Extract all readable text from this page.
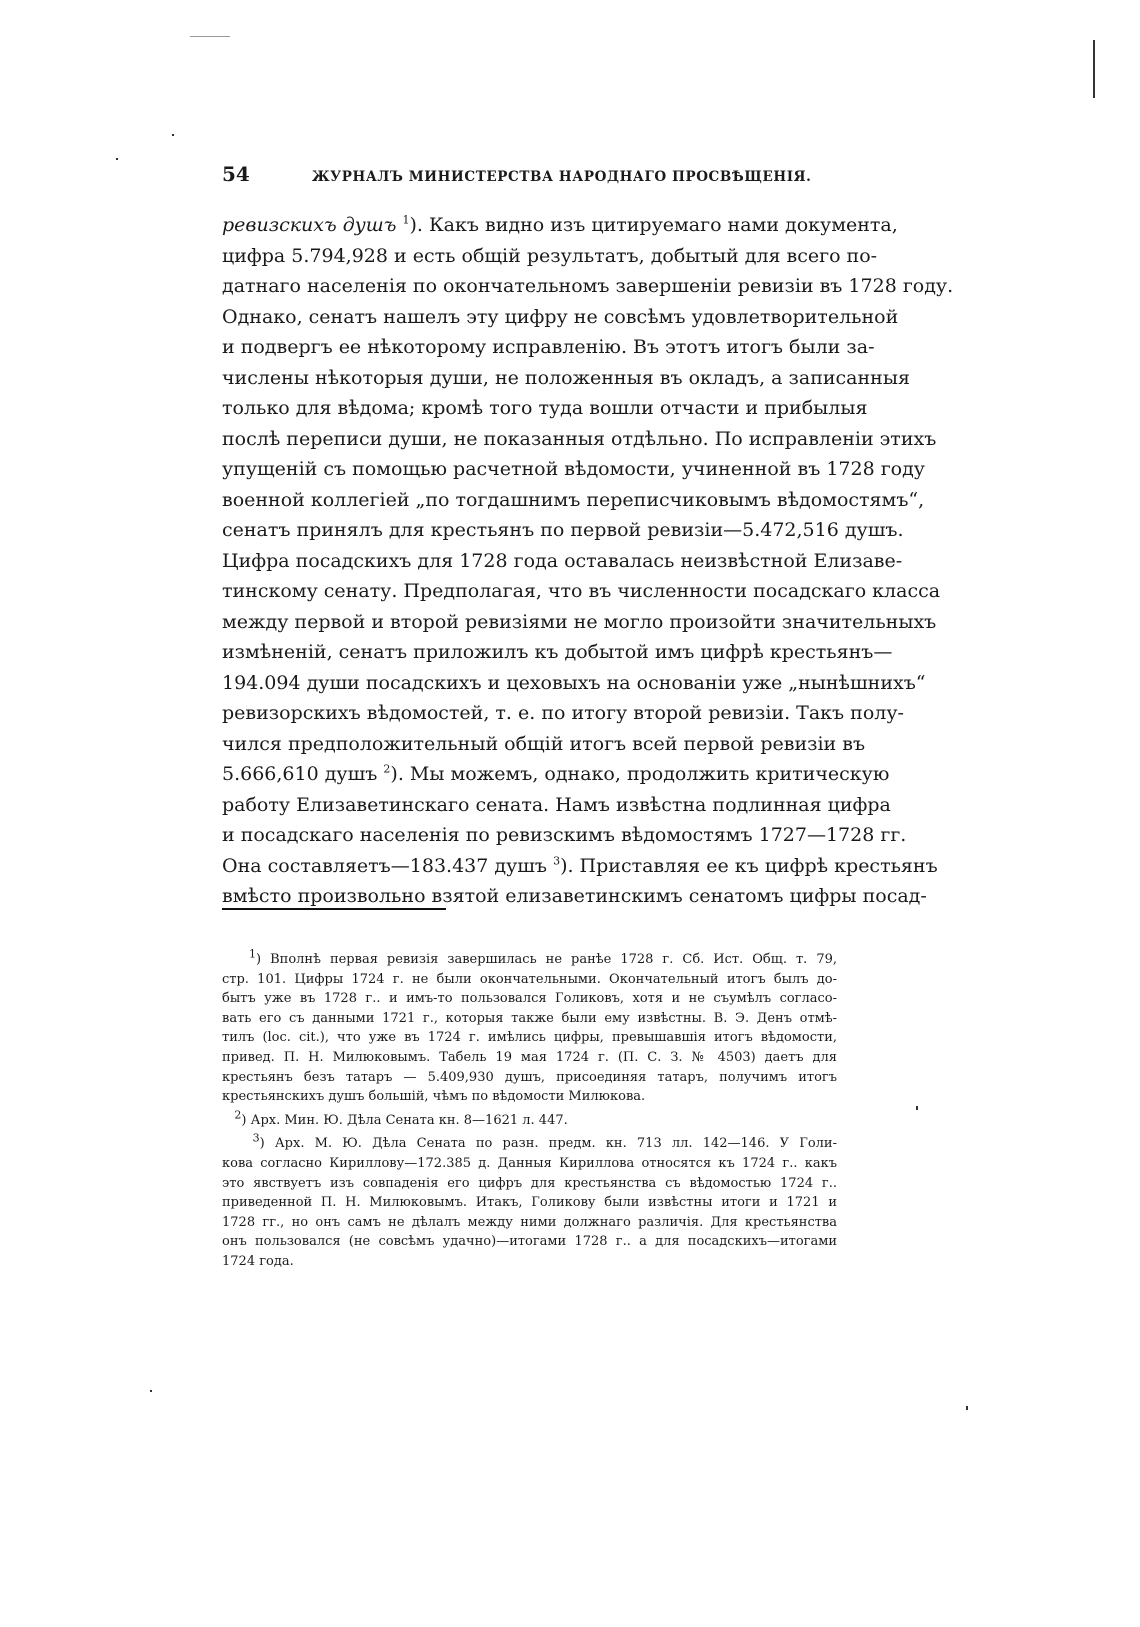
54	ЖУРНАЛЪ МИНИСТЕРСТВА НАРОДНАГО ПРОСВѢЩЕНІЯ.
ревизскихъ душъ $^1$). Какъ видно изъ цитируемаго нами документа,
цифра 5.794,928 и есть общій результатъ, добытый для всего по-
датнаго населенія по окончательномъ завершеніи ревизіи въ 1728 году.
Однако, сенатъ нашелъ эту цифру не совсѣмъ удовлетворительной
и подвергъ ее нѣкоторому исправленію. Въ этотъ итогъ были за-
числены нѣкоторыя души, не положенныя въ окладъ, а записанныя
только для вѣдома; кромѣ того туда вошли отчасти и прибылыя
послѣ переписи души, не показанныя отдѣльно. По исправленіи этихъ
упущеній съ помощью расчетной вѣдомости, учиненной въ 1728 году
военной коллегіей „по тогдашнимъ переписчиковымъ вѣдомостямъ“,
сенатъ принялъ для крестьянъ по первой ревизіи—5.472,516 душъ.
Цифра посадскихъ для 1728 года оставалась неизвѣстной Елизаве-
тинскому сенату. Предполагая, что въ численности посадскаго класса
между первой и второй ревизіями не могло произойти значительныхъ
измѣненій, сенатъ приложилъ къ добытой имъ цифрѣ крестьянъ—
194.094 души посадскихъ и цеховыхъ на основаніи уже „нынѣшнихъ“
ревизорскихъ вѣдомостей, т. е. по итогу второй ревизіи. Такъ полу-
чился предположительный общій итогъ всей первой ревизіи въ
5.666,610 душъ $^2$). Мы можемъ, однако, продолжить критическую
работу Елизаветинскаго сената. Намъ извѣстна подлинная цифра
и посадскаго населенія по ревизскимъ вѣдомостямъ 1727—1728 гг.
Она составляетъ—183.437 душъ $^3$). Приставляя ее къ цифрѣ крестьянъ
вмѣсто произвольно взятой елизаветинскимъ сенатомъ цифры посад-
$^1$) Вполнѣ первая ревизія завершилась не ранѣе 1728 г. Сб. Ист. Общ. т. 79,
стр. 101. Цифры 1724 г. не были окончательными. Окончательный итогъ былъ до-
бытъ уже въ 1728 г.. и имъ-то пользовался Голиковъ, хотя и не съумѣлъ согласо-
вать его съ данными 1721 г., которыя также были ему извѣстны. В. Э. Денъ отмѣ-
тилъ (loc. cit.), что уже въ 1724 г. имѣлись цифры, превышавшія итогъ вѣдомости,
привед. П. Н. Милюковымъ. Табель 19 мая 1724 г. (П. С. З. № 4503) даетъ для
крестьянъ безъ татаръ — 5.409,930 душъ, присоединяя татаръ, получимъ итогъ
крестьянскихъ душъ большій, чѣмъ по вѣдомости Милюкова.
$^2$) Арх. Мин. Ю. Дѣла Сената кн. 8—1621 л. 447.
$^3$) Арх. М. Ю. Дѣла Сената по разн. предм. кн. 713 лл. 142—146. У Голи-
кова согласно Кириллову—172.385 д. Данныя Кириллова относятся къ 1724 г.. какъ
это явствуетъ изъ совпаденія его цифръ для крестьянства съ вѣдомостью 1724 г..
приведенной П. Н. Милюковымъ. Итакъ, Голикову были извѣстны итоги и 1721 и
1728 гг., но онъ самъ не дѣлалъ между ними должнаго различія. Для крестьянства
онъ пользовался (не совсѣмъ удачно)—итогами 1728 г.. а для посадскихъ—итогами
1724 года.
